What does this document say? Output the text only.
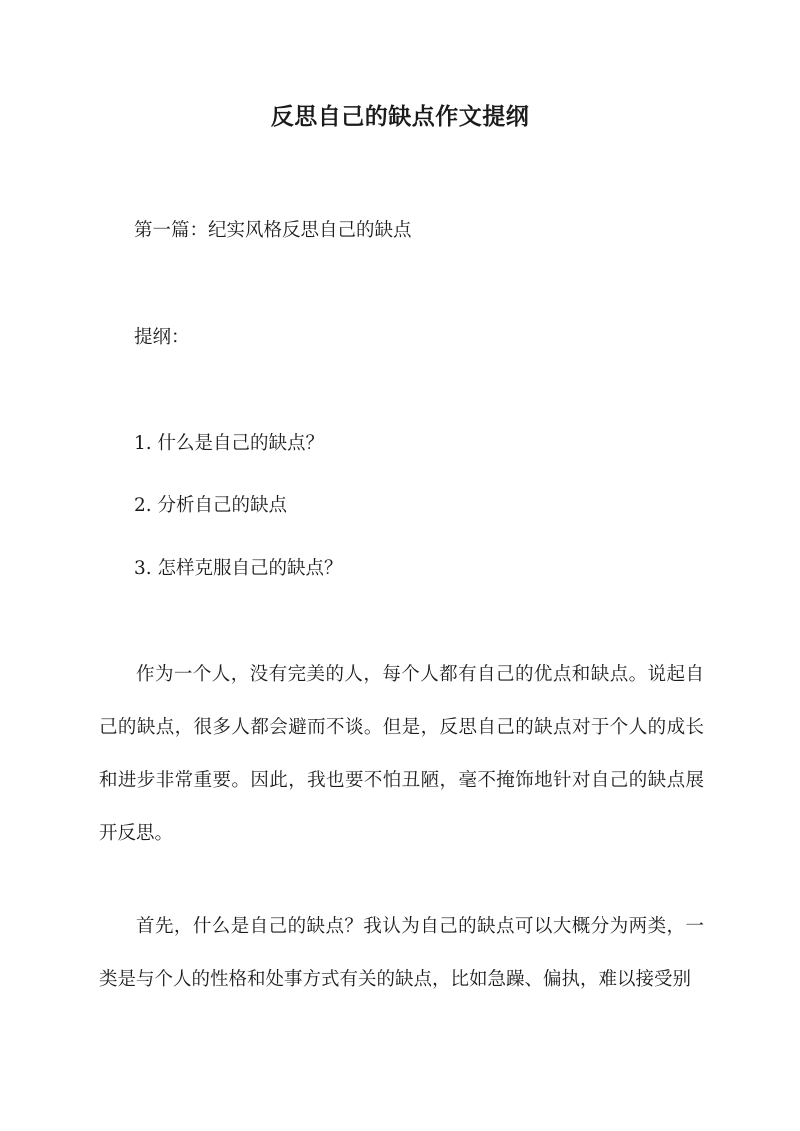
反思自己的缺点作文提纲
第一篇：纪实风格反思自己的缺点
提纲：
1. 什么是自己的缺点？
2. 分析自己的缺点
3. 怎样克服自己的缺点？
作为一个人，没有完美的人，每个人都有自己的优点和缺点。说起自己的缺点，很多人都会避而不谈。但是，反思自己的缺点对于个人的成长和进步非常重要。因此，我也要不怕丑陋，毫不掩饰地针对自己的缺点展开反思。
首先，什么是自己的缺点？我认为自己的缺点可以大概分为两类，一类是与个人的性格和处事方式有关的缺点，比如急躁、偏执，难以接受别
